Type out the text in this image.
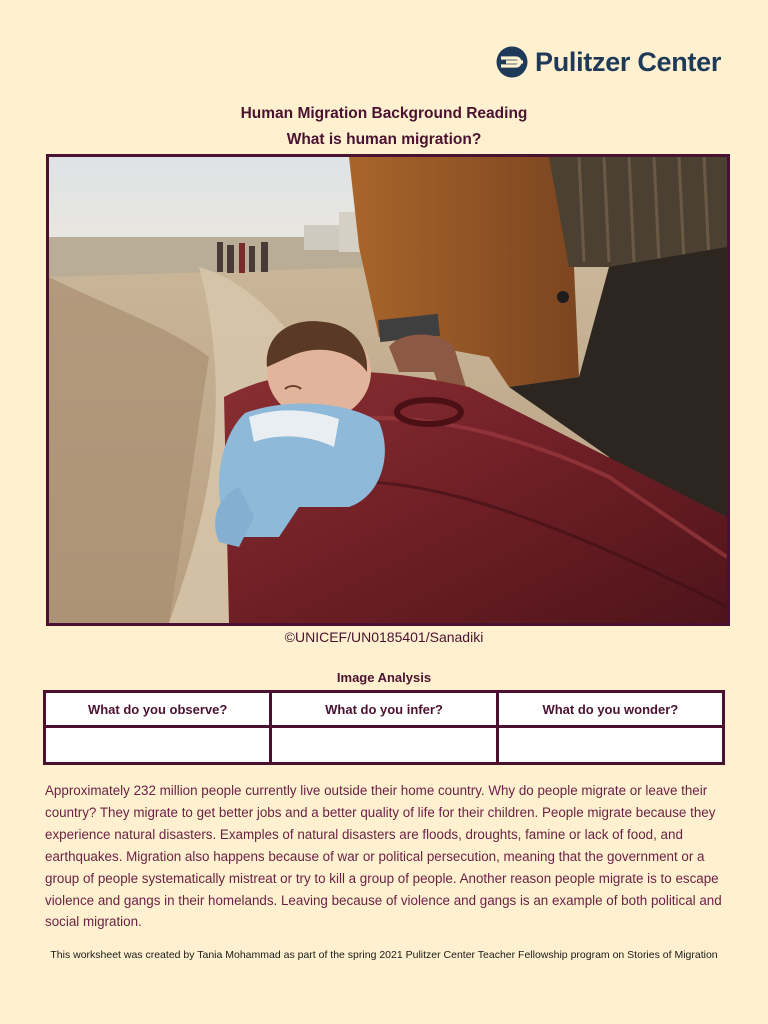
Pulitzer Center
Human Migration Background Reading
What is human migration?
©UNICEF/UN0185401/Sanadiki
Image Analysis
What do you observe?	What do you infer?	What do you wonder?

Approximately 232 million people currently live outside their home country. Why do people migrate or leave their country? They migrate to get better jobs and a better quality of life for their children. People migrate because they experience natural disasters. Examples of natural disasters are floods, droughts, famine or lack of food, and earthquakes. Migration also happens because of war or political persecution, meaning that the government or a group of people systematically mistreat or try to kill a group of people. Another reason people migrate is to escape violence and gangs in their homelands. Leaving because of violence and gangs is an example of both political and social migration.
This worksheet was created by Tania Mohammad as part of the spring 2021 Pulitzer Center Teacher Fellowship program on Stories of Migration
